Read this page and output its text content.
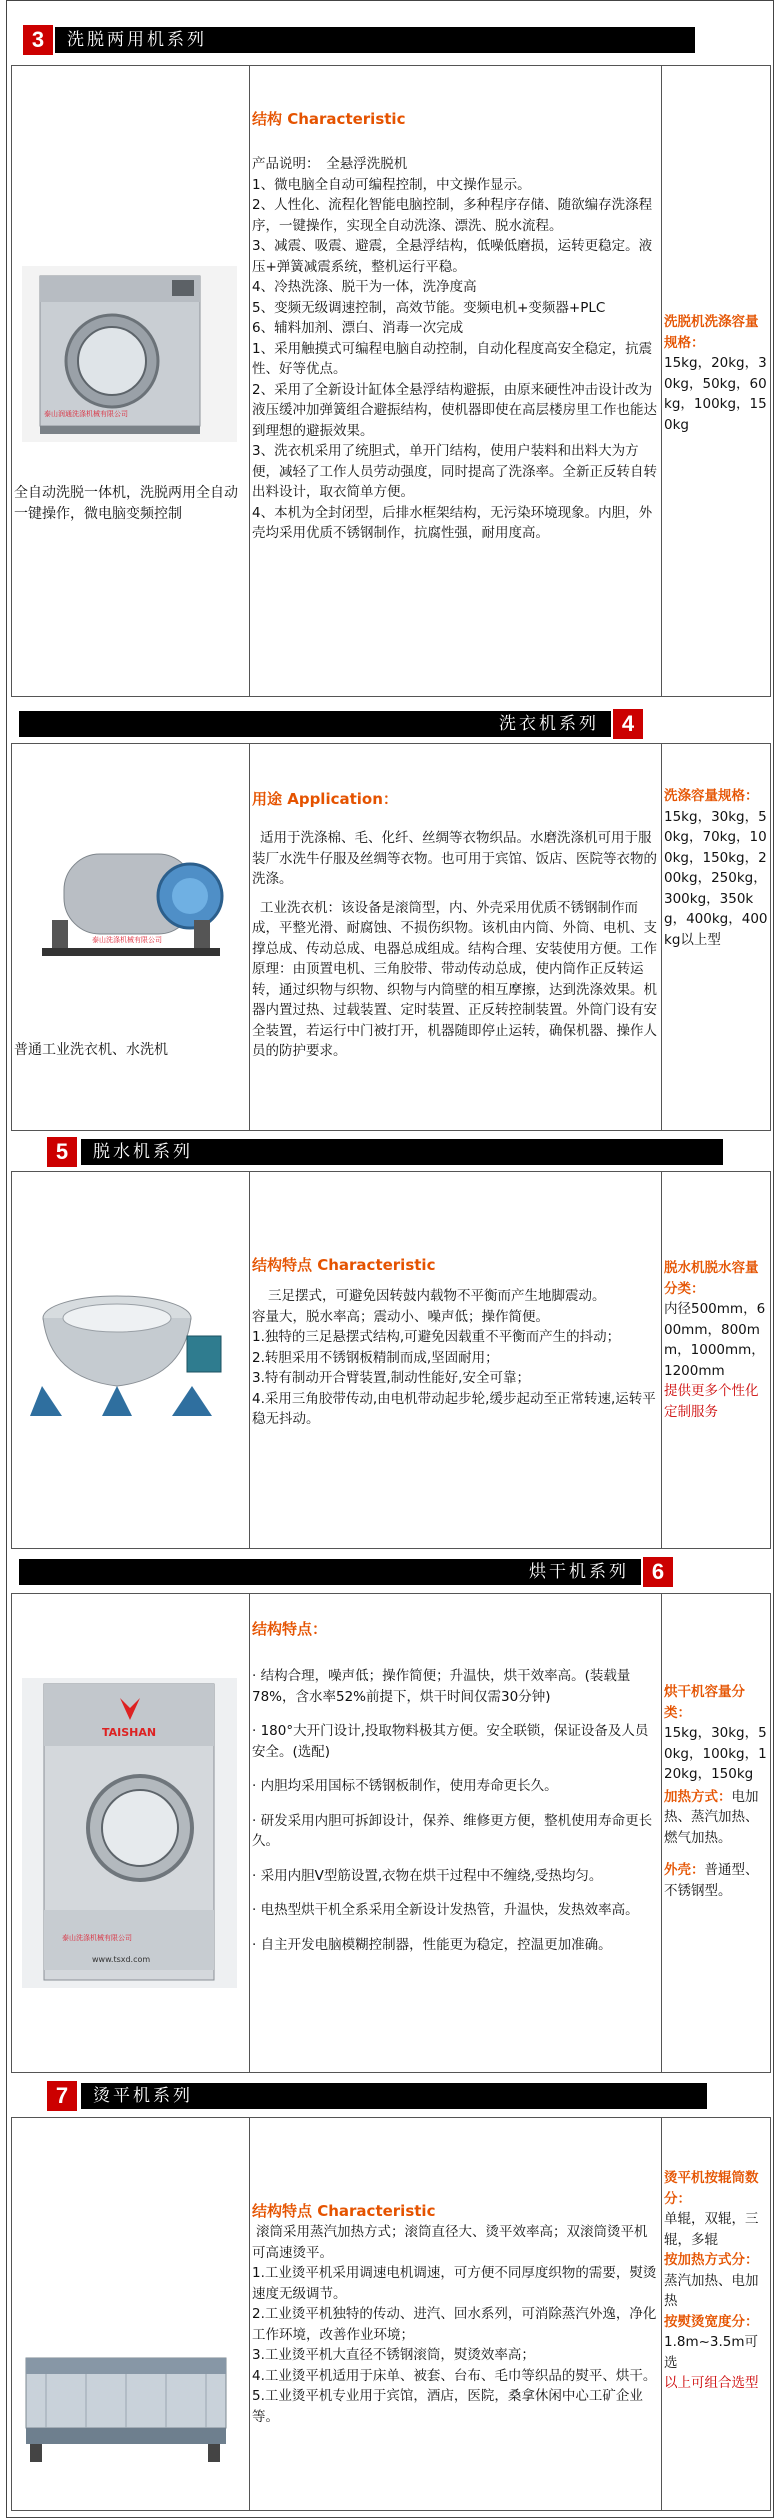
3	洗脱两用机系列
泰山润通洗涤机械有限公司
全自动洗脱一体机，洗脱两用全自动一键操作，微电脑变频控制
结构 Characteristic

产品说明：　全悬浮洗脱机

1、微电脑全自动可编程控制，中文操作显示。

2、人性化、流程化智能电脑控制，多种程序存储、随欲编存洗涤程序，一键操作，实现全自动洗涤、漂洗、脱水流程。

3、减震、吸震、避震，全悬浮结构，低噪低磨损，运转更稳定。液压+弹簧减震系统，整机运行平稳。

4、冷热洗涤、脱干为一体，洗净度高

5、变频无级调速控制，高效节能。变频电机+变频器+PLC

6、辅料加剂、漂白、消毒一次完成

1、采用触摸式可编程电脑自动控制，自动化程度高安全稳定，抗震性、好等优点。

2、采用了全新设计缸体全悬浮结构避振，由原来硬性冲击设计改为液压缓冲加弹簧组合避振结构，使机器即使在高层楼房里工作也能达到理想的避振效果。

3、洗衣机采用了统胆式，单开门结构，使用户装料和出料大为方便，减轻了工作人员劳动强度，同时提高了洗涤率。全新正反转自转出料设计，取衣简单方便。

4、本机为全封闭型，后排水框架结构，无污染环境现象。内胆，外壳均采用优质不锈钢制作，抗腐性强，耐用度高。

洗脱机洗涤容量规格：
15kg，20kg，30kg，50kg，60kg，100kg，150kg
洗衣机系列	4
泰山洗涤机械有限公司
普通工业洗衣机、水洗机
用途 Application：

适用于洗涤棉、毛、化纤、丝绸等衣物织品。水磨洗涤机可用于服装厂水洗牛仔服及丝绸等衣物。也可用于宾馆、饭店、医院等衣物的洗涤。

工业洗衣机：该设备是滚筒型，内、外壳采用优质不锈钢制作而成，平整光滑、耐腐蚀、不损伤织物。该机由内筒、外筒、电机、支撑总成、传动总成、电器总成组成。结构合理、安装使用方便。工作原理：由顶置电机、三角胶带、带动传动总成，使内筒作正反转运转，通过织物与织物、织物与内筒壁的相互摩擦，达到洗涤效果。机器内置过热、过载装置、定时装置、正反转控制装置。外筒门设有安全装置，若运行中门被打开，机器随即停止运转，确保机器、操作人员的防护要求。

洗涤容量规格：
15kg，30kg，50kg，70kg，100kg，150kg，200kg，250kg，300kg，350kg，400kg，400kg以上型
5	脱水机系列
结构特点 Characteristic

三足摆式，可避免因转鼓内载物不平衡而产生地脚震动。

容量大，脱水率高；震动小、噪声低；操作简便。

1.独特的三足悬摆式结构,可避免因载重不平衡而产生的抖动；

2.转胆采用不锈钢板精制而成,坚固耐用；

3.特有制动开合臂装置,制动性能好,安全可靠；

4.采用三角胶带传动,由电机带动起步轮,缓步起动至正常转速,运转平稳无抖动。

脱水机脱水容量分类：
内径500mm，600mm，800mm，1000mm，1200mm
提供更多个性化定制服务
烘干机系列	6
TAISHAN
泰山洗涤机械有限公司
www.tsxd.com
结构特点：

· 结构合理，噪声低；操作简便；升温快，烘干效率高。(装载量78%，含水率52%前提下，烘干时间仅需30分钟)

· 180°大开门设计,投取物料极其方便。安全联锁，保证设备及人员安全。(选配)

· 内胆均采用国标不锈钢板制作，使用寿命更长久。

· 研发采用内胆可拆卸设计，保养、维修更方便，整机使用寿命更长久。

· 采用内胆V型筋设置,衣物在烘干过程中不缠绕,受热均匀。

· 电热型烘干机全系采用全新设计发热管，升温快，发热效率高。

· 自主开发电脑模糊控制器，性能更为稳定，控温更加准确。

烘干机容量分类：
15kg，30kg，50kg，100kg，120kg，150kg
加热方式：电加热、蒸汽加热、燃气加热。
外壳：普通型、不锈钢型。
7	烫平机系列
结构特点 Characteristic

滚筒采用蒸汽加热方式；滚筒直径大、烫平效率高；双滚筒烫平机可高速烫平。

1.工业烫平机采用调速电机调速，可方便不同厚度织物的需要，熨烫速度无级调节。

2.工业烫平机独特的传动、进汽、回水系列，可消除蒸汽外逸，净化工作环境，改善作业环境；

3.工业烫平机大直径不锈钢滚筒，熨烫效率高；

4.工业烫平机适用于床单、被套、台布、毛巾等织品的熨平、烘干。

5.工业烫平机专业用于宾馆，酒店，医院，桑拿休闲中心工矿企业等。

烫平机按辊筒数分：
单辊，双辊，三辊，多辊
按加热方式分：
蒸汽加热、电加热
按熨烫宽度分：
1.8m~3.5m可选
以上可组合选型
